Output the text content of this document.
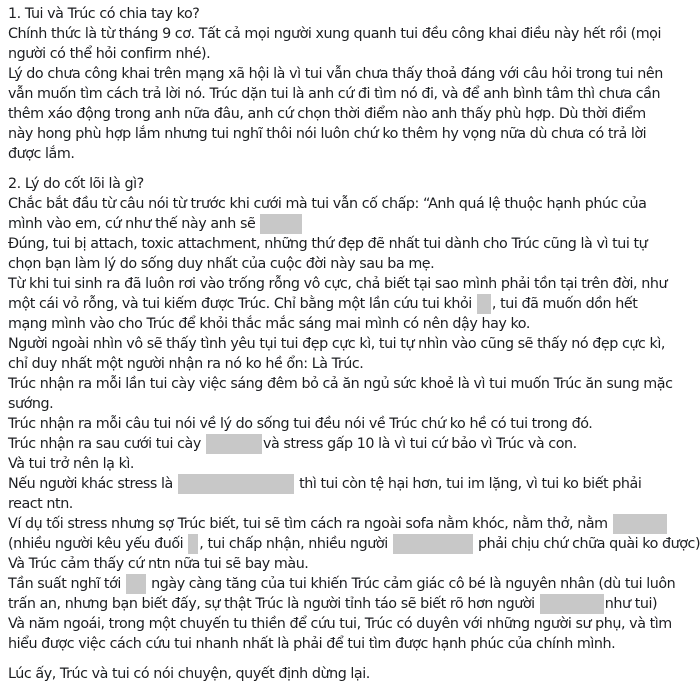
1. Tui và Trúc có chia tay ko?
Chính thức là từ tháng 9 cơ. Tất cả mọi người xung quanh tui đều công khai điều này hết rồi (mọi
người có thể hỏi confirm nhé).
Lý do chưa công khai trên mạng xã hội là vì tui vẫn chưa thấy thoả đáng với câu hỏi trong tui nên
vẫn muốn tìm cách trả lời nó. Trúc dặn tui là anh cứ đi tìm nó đi, và để anh bình tâm thì chưa cần
thêm xáo động trong anh nữa đâu, anh cứ chọn thời điểm nào anh thấy phù hợp. Dù thời điểm
này hong phù hợp lắm nhưng tui nghĩ thôi nói luôn chứ ko thêm hy vọng nữa dù chưa có trả lời
được lắm.
2. Lý do cốt lõi là gì?
Chắc bắt đầu từ câu nói từ trước khi cưới mà tui vẫn cố chấp: “Anh quá lệ thuộc hạnh phúc của
mình vào em, cứ như thế này anh sẽ
Đúng, tui bị attach, toxic attachment, những thứ đẹp đẽ nhất tui dành cho Trúc cũng là vì tui tự
chọn bạn làm lý do sống duy nhất của cuộc đời này sau ba mẹ.
Từ khi tui sinh ra đã luôn rơi vào trống rỗng vô cực, chả biết tại sao mình phải tồn tại trên đời, như
một cái vỏ rỗng, và tui kiếm được Trúc. Chỉ bằng một lần cứu tui khỏi , tui đã muốn dồn hết
mạng mình vào cho Trúc để khỏi thắc mắc sáng mai mình có nên dậy hay ko.
Người ngoài nhìn vô sẽ thấy tình yêu tụi tui đẹp cực kì, tui tự nhìn vào cũng sẽ thấy nó đẹp cực kì,
chỉ duy nhất một người nhận ra nó ko hề ổn: Là Trúc.
Trúc nhận ra mỗi lần tui cày việc sáng đêm bỏ cả ăn ngủ sức khoẻ là vì tui muốn Trúc ăn sung mặc
sướng.
Trúc nhận ra mỗi câu tui nói về lý do sống tui đều nói về Trúc chứ ko hề có tui trong đó.
Trúc nhận ra sau cưới tui cày	và stress gấp 10 là vì tui cứ bảo vì Trúc và con.
Và tui trở nên lạ kì.
Nếu người khác stress là	thì tui còn tệ hại hơn, tui im lặng, vì tui ko biết phải
react ntn.
Ví dụ tối stress nhưng sợ Trúc biết, tui sẽ tìm cách ra ngoài sofa nằm khóc, nằm thở, nằm
(nhiều người kêu yếu đuối , tui chấp nhận, nhiều người	phải chịu chứ chữa quài ko được)
Và Trúc cảm thấy cứ ntn nữa tui sẽ bay màu.
Tần suất nghĩ tới ngày càng tăng của tui khiến Trúc cảm giác cô bé là nguyên nhân (dù tui luôn
trấn an, nhưng bạn biết đấy, sự thật Trúc là người tỉnh táo sẽ biết rõ hơn người	như tui)
Và năm ngoái, trong một chuyến tu thiền để cứu tui, Trúc có duyên với những người sư phụ, và tìm
hiểu được việc cách cứu tui nhanh nhất là phải để tui tìm được hạnh phúc của chính mình.
Lúc ấy, Trúc và tui có nói chuyện, quyết định dừng lại.
